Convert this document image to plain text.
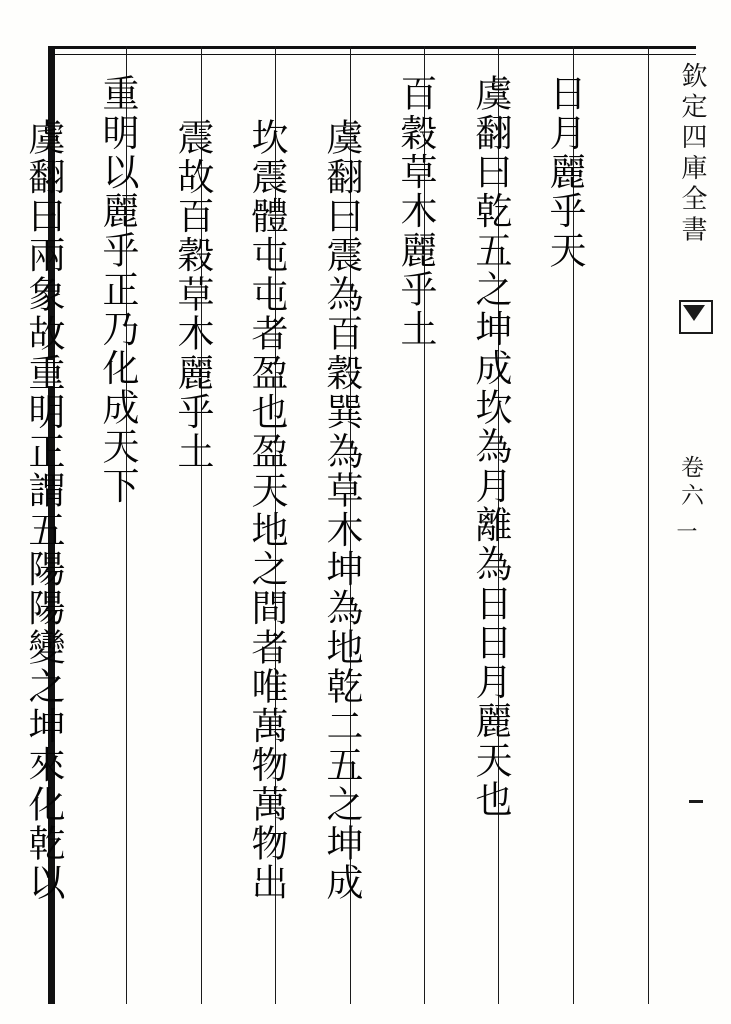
欽定四庫全書
卷六
一
日月麗乎天
虞翻曰乾五之坤成坎為月離為日日月麗天也
百穀草木麗乎土
虞翻曰震為百穀巽為草木坤為地乾二五之坤成
坎震體屯屯者盈也盈天地之間者唯萬物萬物出
震故百穀草木麗乎土
重明以麗乎正乃化成天下
虞翻曰兩象故重明正謂五陽陽變之坤來化乾以
